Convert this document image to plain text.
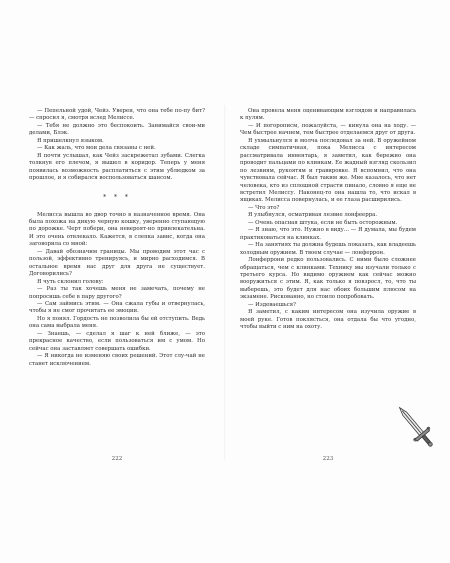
— Пепельной удой, Чейз. Уверен, что она тебе по-пу бит? — спросил я, смотря вслед Мелиссе.

— Тебя не должно это беспокоить. Занимайся свои-ми делами, Блэк.

Я пришелкнул языком.

— Как жаль, что мои дела связаны с ней.

Я почти услышал, как Чейз заскрежетал зубами. Слегка толкнув его плечом, я вышел в коридор. Теперь у меня появилась возможность расплатиться с этим ублюдком за прошлое, и я собирался воспользоваться шансом.

* * *

Мелисса вышла во двор точно в назначенное время. Она была похожа на дикую черную кошку, уверенно ступающую по дорожке. Черт побери, она невероят-но привлекательна. И это очень отвлекало. Кажется, в слепка завис, когда она заговорила со мной:

— Давай обозначим границы. Мы проводим этот час с пользой, эффективно тренируясь, и мирно расходимся. В остальное время нас друг для друга не существует. Договорились?

Я чуть склонил голову:

— Раз ты так хочешь меня не замечать, почему не попросишь себе в пару другого?

— Сам займись этим. — Она сжала губы и отвернулась, чтобы я не смог прочитать ее эмоции.

Но я понял. Гордость не позволила бы ей отступить. Ведь она сама выбрала меня.

— Знаешь, — сделал я шаг к ней ближе, — это прекрасное качество, если пользоваться им с умом. Но сейчас она заставляет совершать ошибки.

— Я никогда не изменяю своих решений. Этот слу-чай не станет исключением.

222

Она провела меня оценивающим взглядом и направилась к пулям.

— И погорописм, пожалуйста, — кинула она на ходу. — Чем быстрее начнем, тем быстрее отделаемся друг от друга.

Я ухмыльнулся и молча последовал за ней. В оружейном складе симпатичная, пока Мелисса с интересом рассматривала инвентарь, я заметил, как бережно она проводит пальцами по клинкам. Ее жадный взгляд скользил по лезвиям, рукоятям и гравировке. Я вспомнил, что она чувствовала сейчас. Я был таким же. Мне казалось, что нет человека, кто из сплошной страсти пинало, словно я еще не встретил Мелиссу. Наконец-то она нашла то, что искал в ящиках. Мелисса повернулась, и ее глаза расширились.

— Что это?

Я улыбнулся, осматривая лезвие лонфеерра.

— Очень опасная штука, если не быть осторожным.

— Я знаю, что это. Нужно в виду... — Я думала, мы будем практиковаться на клинках.

— На занятиях ты должна будешь показать, как владеешь холодным оружием. В твоем случае — лонферрон.

Лонферрони редко пользовались. С ними было сложнее обращаться, чем с клинками. Технику мы изучали только с третьего курса. Но видимо оружием как сейчас можно вооружиться с этим. Я, как только я повзросл, то, что ты выберешь, это будет для нас обоих большим плюсом на экзамене. Рискованно, но стоило попробовать.

— Издеваешься?

Я заметил, с каким интересом она изучила оружие в моей руке. Готов поклясться, она отдала бы что угодно, чтобы выйти с ним на охоту.

223
